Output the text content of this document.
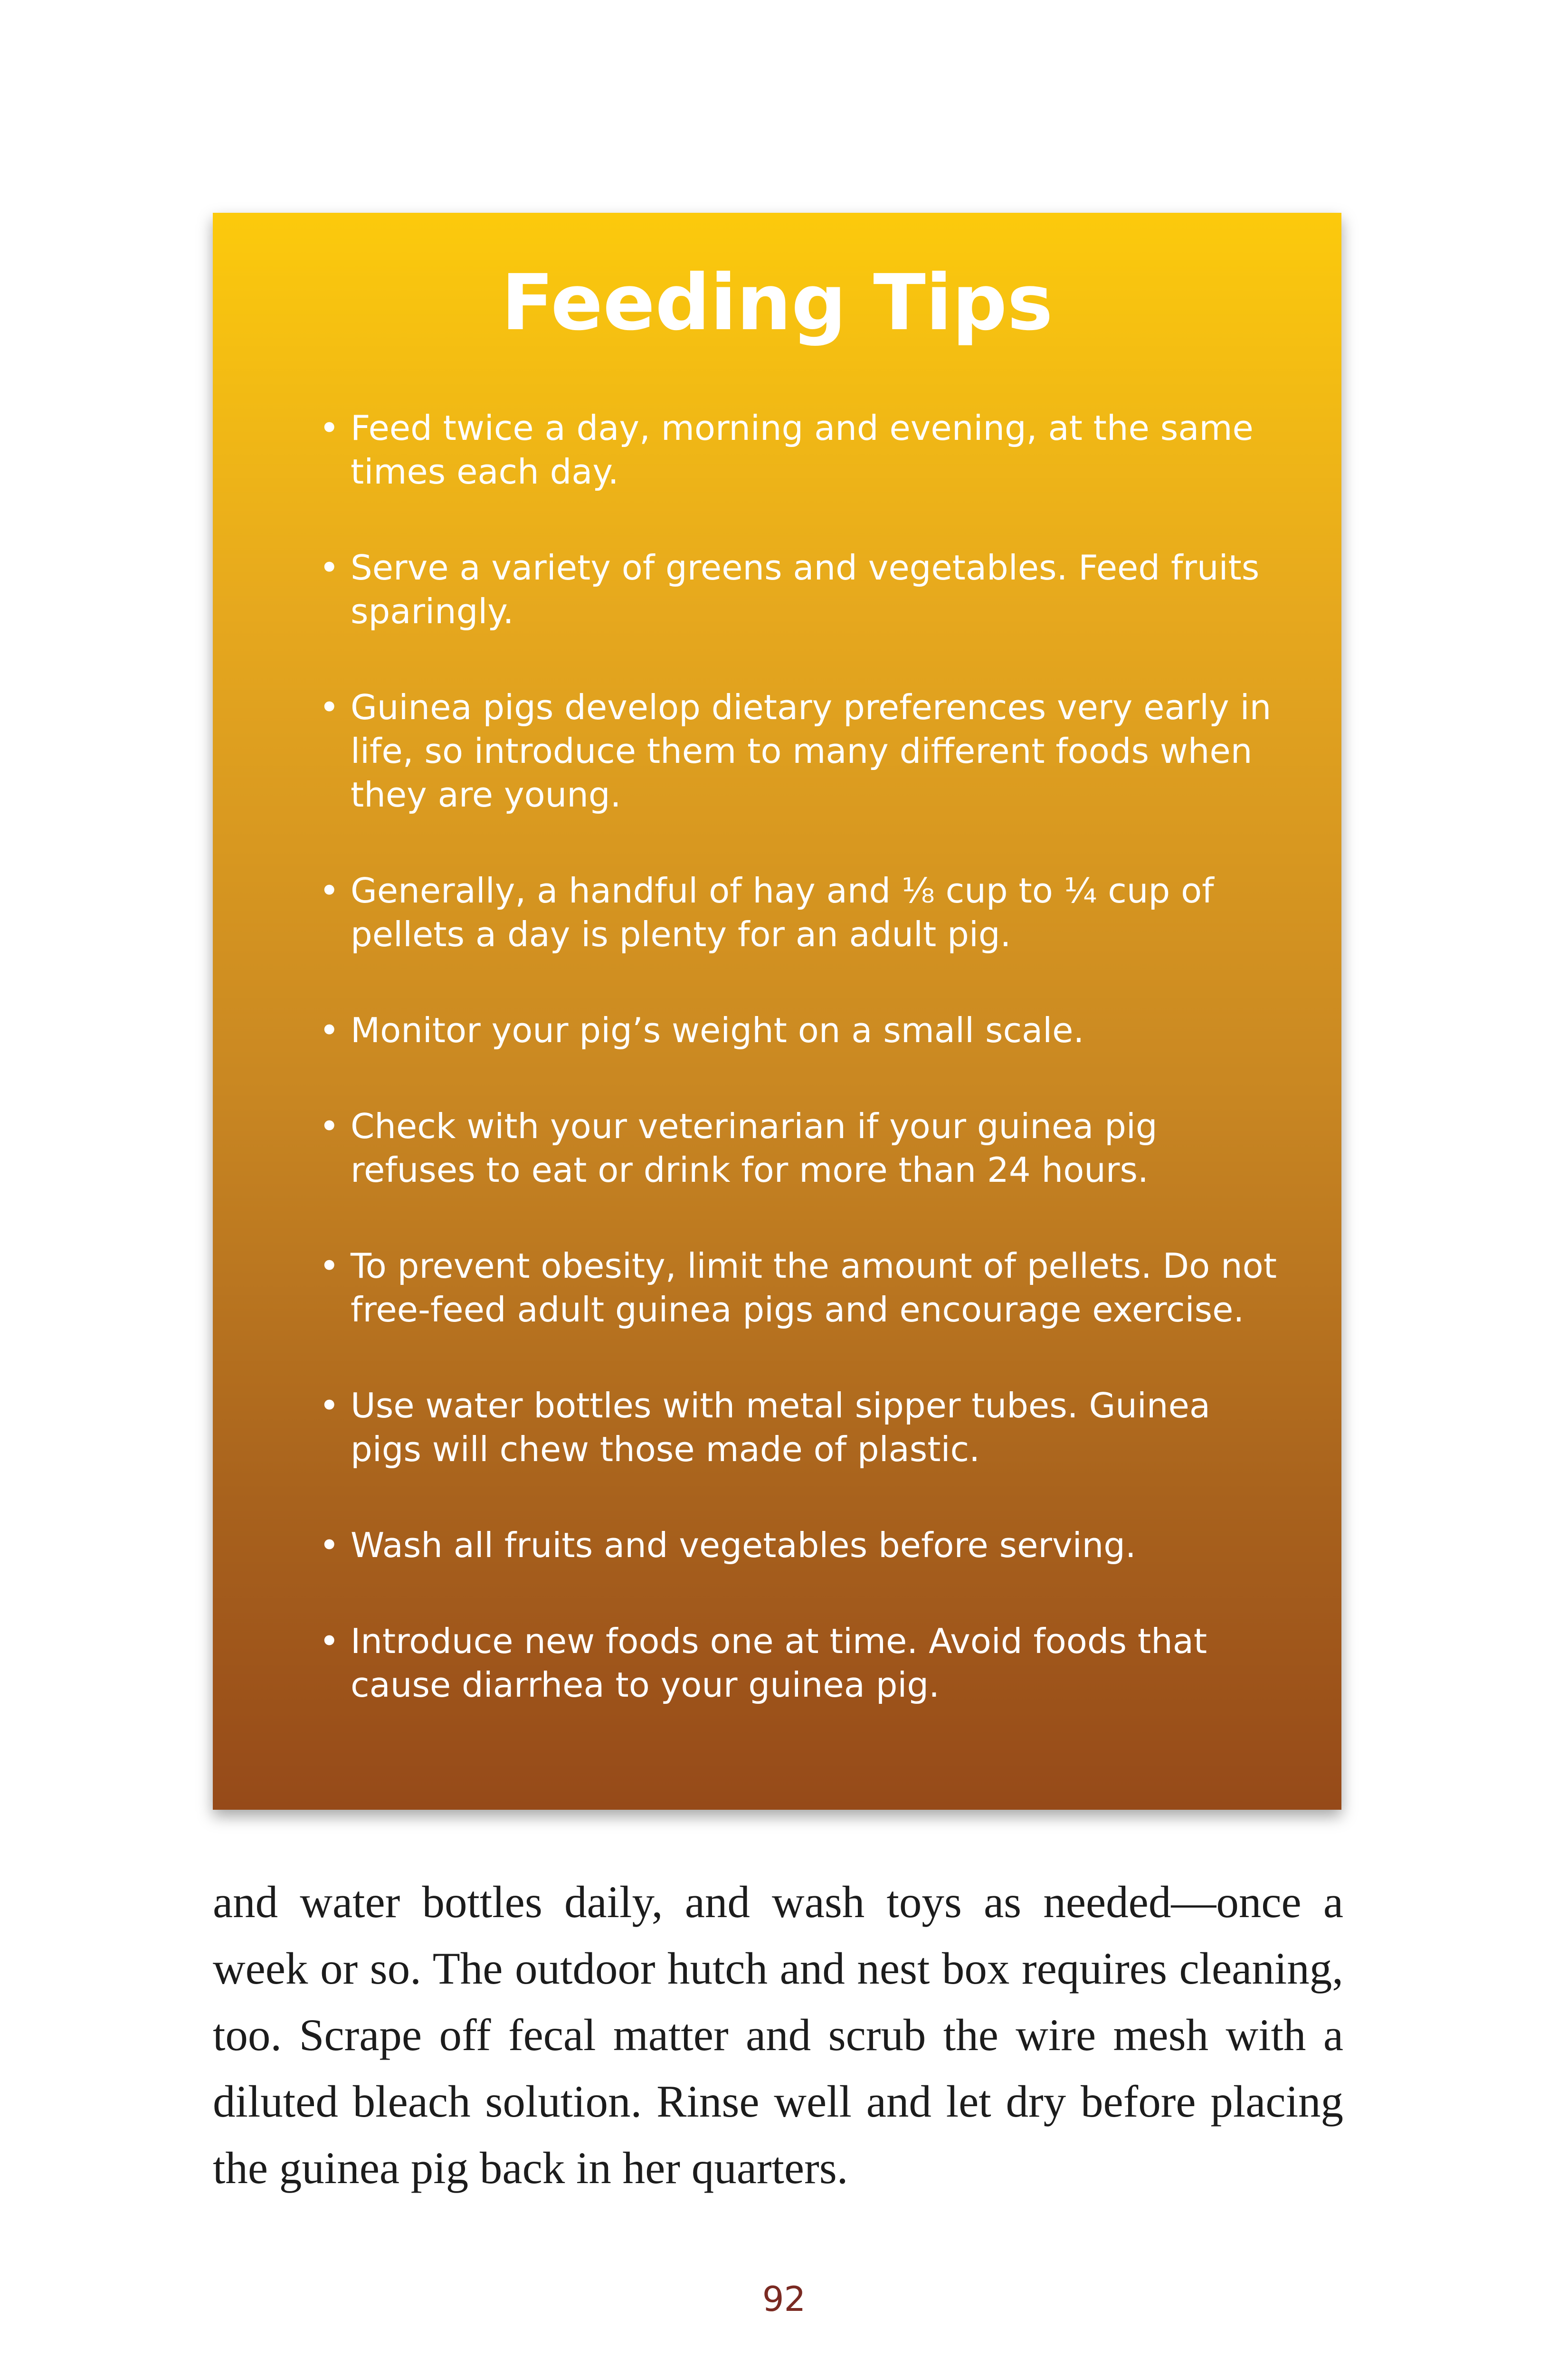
Feeding Tips
• Feed twice a day, morning and evening, at the same times each day.
• Serve a variety of greens and vegetables. Feed fruits sparingly.
• Guinea pigs develop dietary preferences very early in life, so introduce them to many different foods when they are young.
• Generally, a handful of hay and ⅛ cup to ¼ cup of pellets a day is plenty for an adult pig.
• Monitor your pig’s weight on a small scale.
• Check with your veterinarian if your guinea pig refuses to eat or drink for more than 24 hours.
• To prevent obesity, limit the amount of pellets. Do not free-feed adult guinea pigs and encourage exercise.
• Use water bottles with metal sipper tubes. Guinea pigs will chew those made of plastic.
• Wash all fruits and vegetables before serving.
• Introduce new foods one at time. Avoid foods that cause diarrhea to your guinea pig.

and water bottles daily, and wash toys as needed—once a week or so. The outdoor hutch and nest box requires cleaning, too. Scrape off fecal matter and scrub the wire mesh with a diluted bleach solution. Rinse well and let dry before placing the guinea pig back in her quarters.

92
